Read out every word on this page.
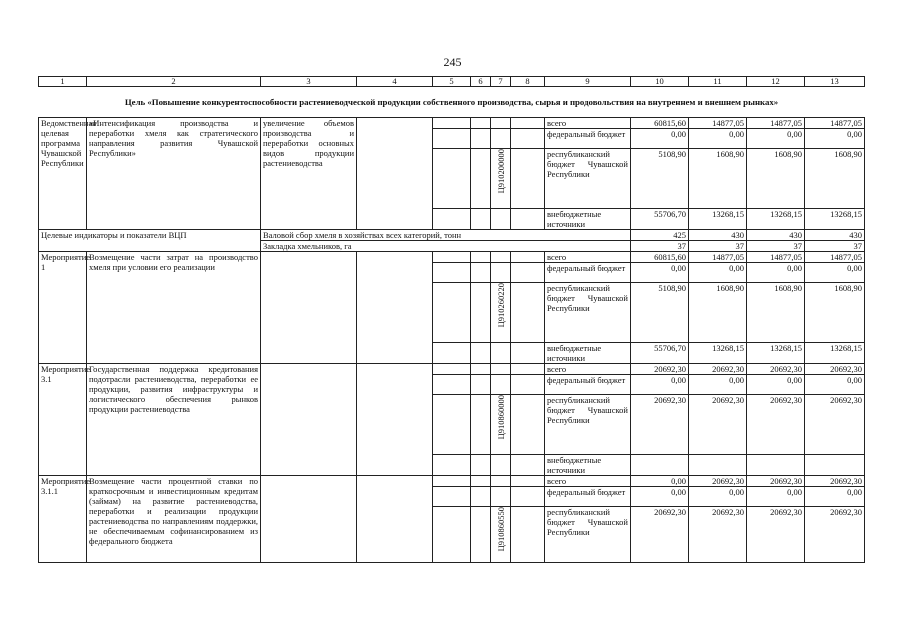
245
1	2	3	4	5	6	7	8	9	10	11	12	13
Цель «Повышение конкурентоспособности растениеводческой продукции собственного производства, сырья и продовольствия на внутреннем и внешнем рынках»												
Ведомственная целевая программа Чувашской Республики	«Интенсификация производства и переработки хмеля как стратегического направления развития Чувашской Республики»	увеличение объемов производства и переработки основных видов продукции растениеводства						всего	60815,60	14877,05	14877,05	14877,05
								федеральный бюджет	0,00	0,00	0,00	0,00
						Ц910200000		республиканский бюджет Чувашской Республики	5108,90	1608,90	1608,90	1608,90
								внебюджетные источники	55706,70	13268,15	13268,15	13268,15
Целевые индикаторы и показатели ВЦП		Валовой сбор хмеля в хозяйствах всех категорий, тонн							425	430	430	430
		Закладка хмельников, га							37	37	37	37
Мероприятие 1	Возмещение части затрат на производство хмеля при условии его реализации							всего	60815,60	14877,05	14877,05	14877,05
								федеральный бюджет	0,00	0,00	0,00	0,00
						Ц910260220		республиканский бюджет Чувашской Республики	5108,90	1608,90	1608,90	1608,90
								внебюджетные источники	55706,70	13268,15	13268,15	13268,15
Мероприятие 3.1	Государственная поддержка кредитования подотрасли растениеводства, переработки ее продукции, развития инфраструктуры и логистического обеспечения рынков продукции растениеводства							всего	20692,30	20692,30	20692,30	20692,30
								федеральный бюджет	0,00	0,00	0,00	0,00
						Ц910860000		республиканский бюджет Чувашской Республики	20692,30	20692,30	20692,30	20692,30
								внебюджетные источники				
Мероприятие 3.1.1	Возмещение части процентной ставки по краткосрочным и инвестиционным кредитам (займам) на развитие растениеводства, переработки и реализации продукции растениеводства по направлениям поддержки, не обеспечиваемым софинансированием из федерального бюджета							всего	0,00	20692,30	20692,30	20692,30
								федеральный бюджет	0,00	0,00	0,00	0,00
						Ц910860550		республиканский бюджет Чувашской Республики	20692,30	20692,30	20692,30	20692,30
